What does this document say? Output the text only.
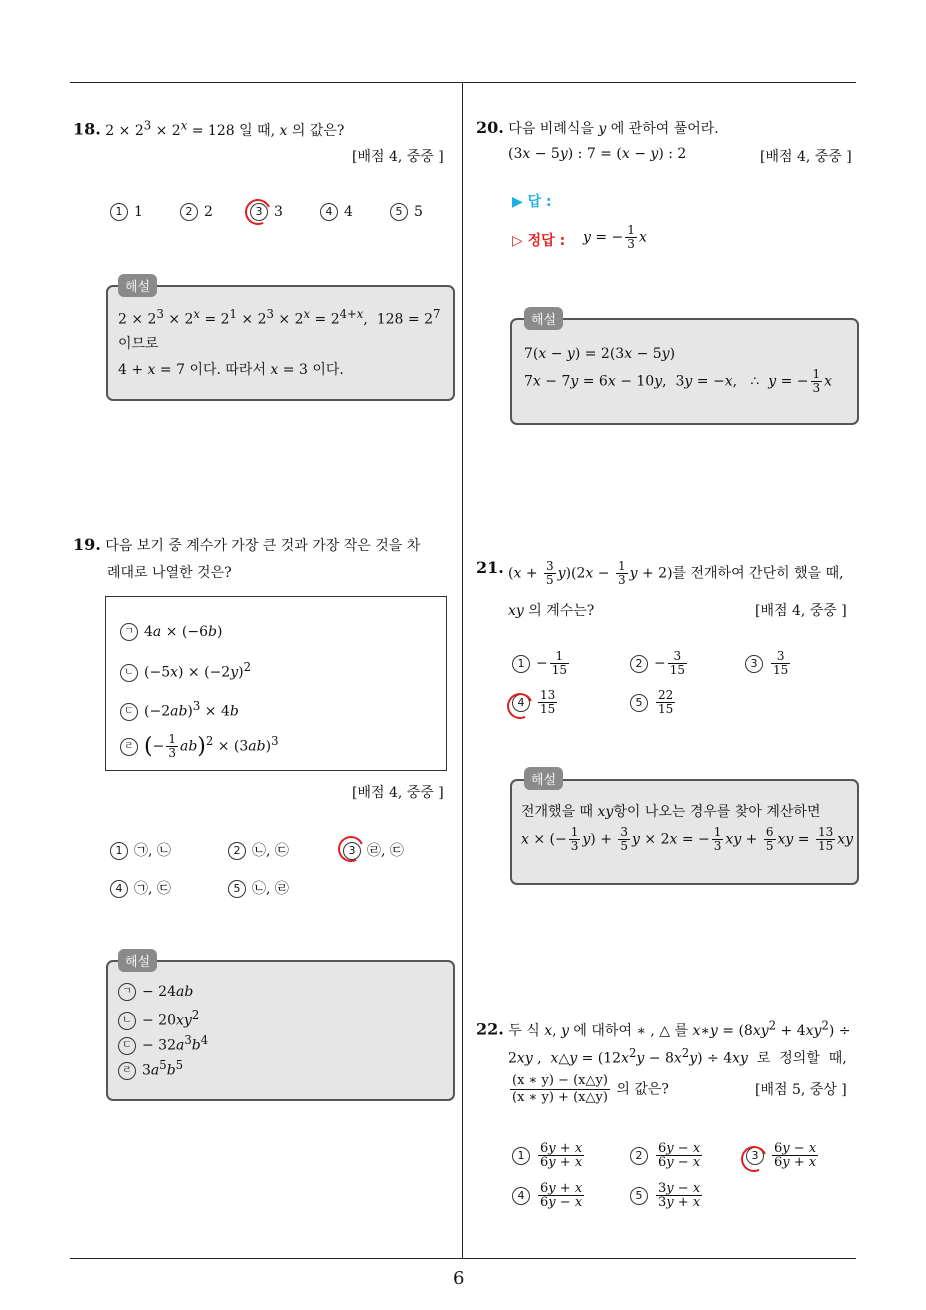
6
18. $2 \times 2^3 \times 2^x = 128$ 일 때, x 의 값은?
[배점 4, 중중 ]
1 1	2 2	3 3	4 4	5 5
해설
$2 \times 2^3 \times 2^x = 2^1 \times 2^3 \times 2^x = 2^{4+x}$,  $128 = 2^7$
이므로
4 + x = 7 이다. 따라서 x = 3 이다.
19. 다음 보기 중 계수가 가장 큰 것과 가장 작은 것을 차
례대로 나열한 것은?
ㄱ 4a × (−6b)
ㄴ $(-5x) \times (-2y)^2$
ㄷ $(-2ab)^3 \times 4b$
ㄹ (− $\frac{1}{3} ab)^2 \times (3ab)^3$
[배점 4, 중중 ]
1 ㉠, ㉡	2 ㉡, ㉢	3 ㉣, ㉢
4 ㉠, ㉢	5 ㉡, ㉣
해설
ㄱ − 24ab
ㄴ − $20xy^2$
ㄷ − $32a^3b^4$
ㄹ $3a^5b^5$
20. 다음 비례식을 y 에 관하여 풀어라.
(3x − 5y) : 7 = (x − y) : 2	[배점 4, 중중 ]
▶ 답 :
▷ 정답 : y = − $\frac{1}{3}$ x
해설
7(x − y) = 2(3x − 5y)
7x − 7y = 6x − 10y,  3y = −x,   ∴  y = − $\frac{1}{3}$ x
21. $(x + \frac{3}{5} y)(2x - \frac{1}{3}$ y + 2)를 전개하여 간단히 했을 때,
xy 의 계수는?	[배점 4, 중중 ]
$1 - \frac{1}{15}$	$2 - \frac{3}{15}$	$3 \frac{3}{15}$
$4 \frac{13}{15}$	$5 \frac{22}{15}$
해설
전개했을 때 xy항이 나오는 경우를 찾아 계산하면
x × (− $\frac{1}{3} y) + \frac{3}{5}$ y × 2x = − $\frac{1}{3}$ xy + $\frac{6}{5}$ xy = $\frac{13}{15}$ xy
22. 두 식 x, y 에 대하여 ∗ , △ 를 x∗y = $(8xy^2 + 4xy^2)$ ÷
2xy ,  x△y = $(12x^2y - 8x^2y) \div 4xy$  로  정의할  때,
$\frac{(x ∗ y) - (x\triangle y)}{(x ∗ y) + (x\triangle y)}$ 의 값은?	[배점 5, 중상 ]
$1 \frac{6y + x}{6y + x}$	$2 \frac{6y - x}{6y - x}$	$3 \frac{6y - x}{6y + x}$
$4 \frac{6y + x}{6y - x}$	$5 \frac{3y - x}{3y + x}$
